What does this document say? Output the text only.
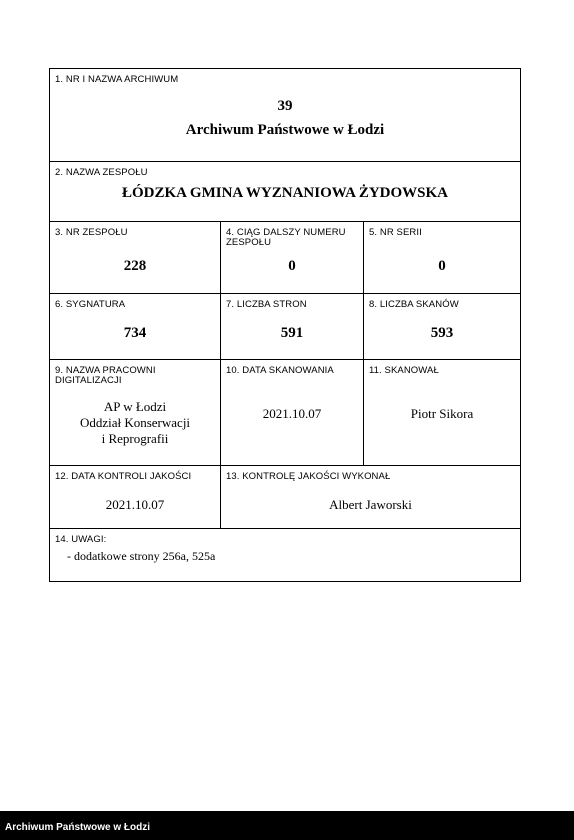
1. NR I NAZWA ARCHIWUM
39
Archiwum Państwowe w Łodzi
2. NAZWA ZESPOŁU
ŁÓDZKA GMINA WYZNANIOWA ŻYDOWSKA
3. NR ZESPOŁU
228
4. CIĄG DALSZY NUMERU
ZESPOŁU
0
5. NR SERII
0
6. SYGNATURA
734
7. LICZBA STRON
591
8. LICZBA SKANÓW
593
9. NAZWA PRACOWNI
DIGITALIZACJI
AP w Łodzi
Oddział Konserwacji
i Reprografii
10. DATA SKANOWANIA
2021.10.07
11. SKANOWAŁ
Piotr Sikora
12. DATA KONTROLI JAKOŚCI
2021.10.07
13. KONTROLĘ JAKOŚCI WYKONAŁ
Albert Jaworski
14. UWAGI:
- dodatkowe strony 256a, 525a
Archiwum Państwowe w Łodzi
